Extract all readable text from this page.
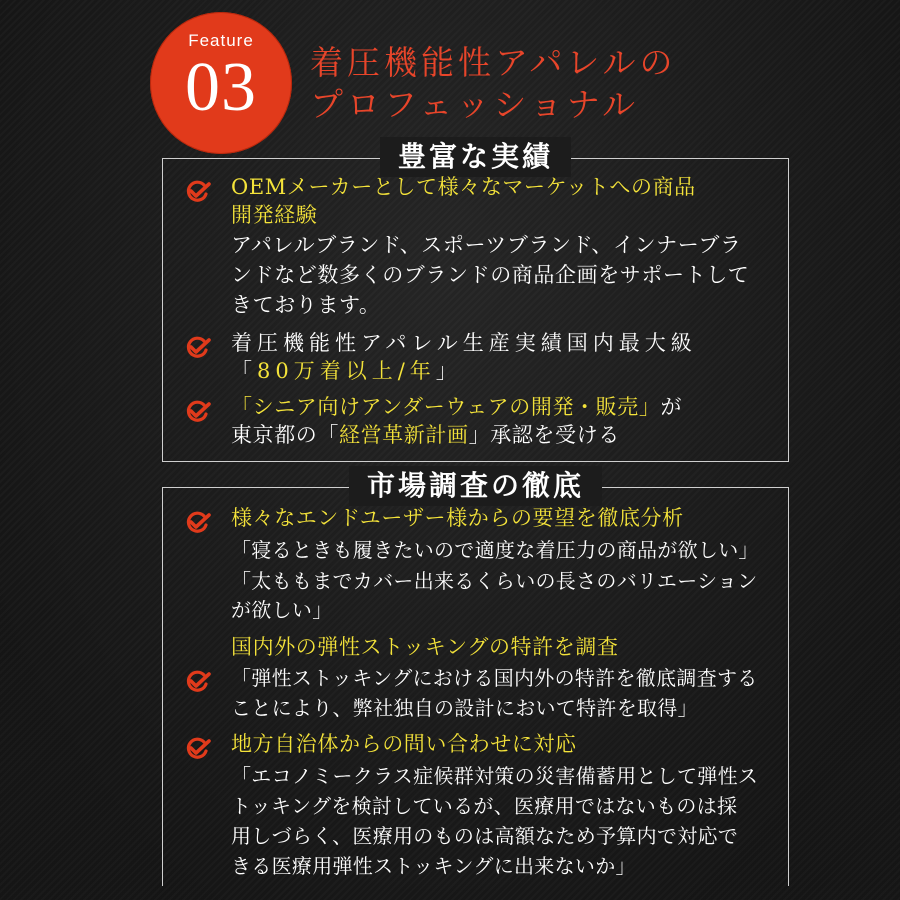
Feature
03	着圧機能性アパレルの
プロフェッショナル
豊富な実績
OEMメーカーとして様々なマーケットへの商品
開発経験
アパレルブランド、スポーツブランド、インナーブラ
ンドなど数多くのブランドの商品企画をサポートして
きております。
着圧機能性アパレル生産実績国内最大級
「80万着以上/年」
「シニア向けアンダーウェアの開発・販売」が
東京都の「経営革新計画」承認を受ける
市場調査の徹底
様々なエンドユーザー様からの要望を徹底分析
「寝るときも履きたいので適度な着圧力の商品が欲しい」
「太ももまでカバー出来るくらいの長さのバリエーション
が欲しい」
国内外の弾性ストッキングの特許を調査
「弾性ストッキングにおける国内外の特許を徹底調査する
ことにより、弊社独自の設計において特許を取得」
地方自治体からの問い合わせに対応
「エコノミークラス症候群対策の災害備蓄用として弾性ス
トッキングを検討しているが、医療用ではないものは採
用しづらく、医療用のものは高額なため予算内で対応で
きる医療用弾性ストッキングに出来ないか」
